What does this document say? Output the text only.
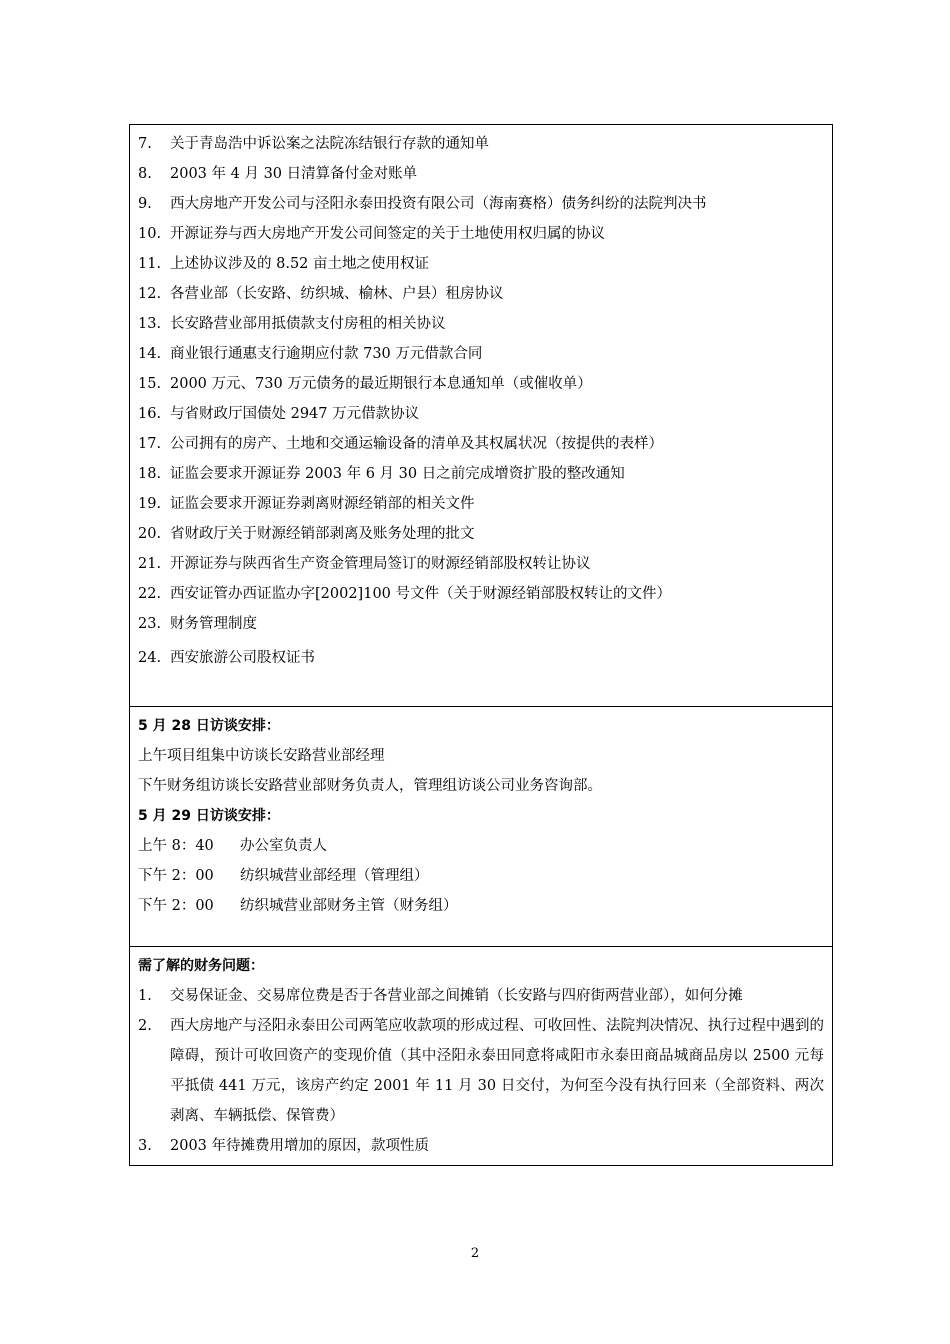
7. 关于青岛浩中诉讼案之法院冻结银行存款的通知单
8. 2003 年 4 月 30 日清算备付金对账单
9. 西大房地产开发公司与泾阳永泰田投资有限公司（海南赛格）债务纠纷的法院判决书
10. 开源证券与西大房地产开发公司间签定的关于土地使用权归属的协议
11. 上述协议涉及的 8.52 亩土地之使用权证
12. 各营业部（长安路、纺织城、榆林、户县）租房协议
13. 长安路营业部用抵债款支付房租的相关协议
14. 商业银行通惠支行逾期应付款 730 万元借款合同
15. 2000 万元、730 万元债务的最近期银行本息通知单（或催收单）
16. 与省财政厅国债处 2947 万元借款协议
17. 公司拥有的房产、土地和交通运输设备的清单及其权属状况（按提供的表样）
18. 证监会要求开源证券 2003 年 6 月 30 日之前完成增资扩股的整改通知
19. 证监会要求开源证券剥离财源经销部的相关文件
20. 省财政厅关于财源经销部剥离及账务处理的批文
21. 开源证券与陕西省生产资金管理局签订的财源经销部股权转让协议
22. 西安证管办西证监办字[2002]100 号文件（关于财源经销部股权转让的文件）
23. 财务管理制度
24. 西安旅游公司股权证书
5 月 28 日访谈安排：
上午项目组集中访谈长安路营业部经理
下午财务组访谈长安路营业部财务负责人，管理组访谈公司业务咨询部。
5 月 29 日访谈安排：
上午 8：40 办公室负责人
下午 2：00 纺织城营业部经理（管理组）
下午 2：00 纺织城营业部财务主管（财务组）
需了解的财务问题：
1.	交易保证金、交易席位费是否于各营业部之间摊销（长安路与四府街两营业部），如何分摊
2.	西大房地产与泾阳永泰田公司两笔应收款项的形成过程、可收回性、法院判决情况、执行过程中遇到的障碍，预计可收回资产的变现价值（其中泾阳永泰田同意将咸阳市永泰田商品城商品房以 2500 元每平抵债 441 万元，该房产约定 2001 年 11 月 30 日交付，为何至今没有执行回来（全部资料、两次剥离、车辆抵偿、保管费）
3.	2003 年待摊费用增加的原因，款项性质
2
